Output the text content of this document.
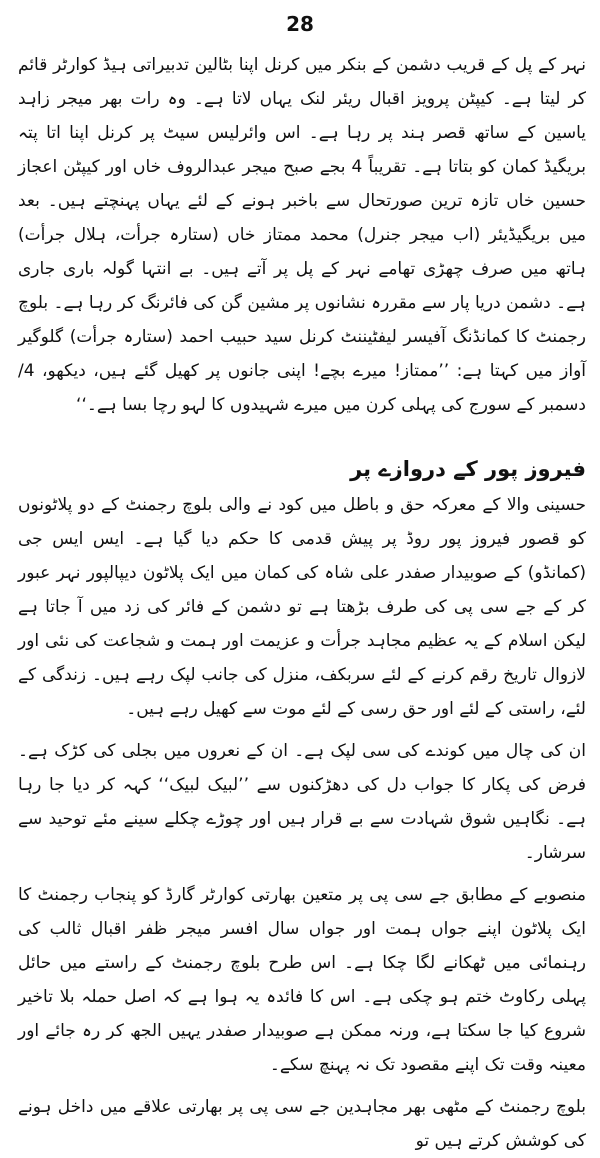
28

نہر کے پل کے قریب دشمن کے بنکر میں کرنل اپنا بٹالین تدبیراتی ہیڈ کوارٹر قائم کر لیتا ہے۔ کیپٹن پرویز اقبال ریئر لنک یہاں لاتا ہے۔ وہ رات بھر میجر زاہد یاسین کے ساتھ قصر ہند پر رہا ہے۔ اس وائرلیس سیٹ پر کرنل اپنا اتا پتہ بریگیڈ کمان کو بتاتا ہے۔ تقریباً 4 بجے صبح میجر عبدالروف خاں اور کیپٹن اعجاز حسین خاں تازہ ترین صورتحال سے باخبر ہونے کے لئے یہاں پہنچتے ہیں۔ بعد میں بریگیڈیئر (اب میجر جنرل) محمد ممتاز خاں (ستارہ جرأت، ہلال جرأت) ہاتھ میں صرف چھڑی تھامے نہر کے پل پر آتے ہیں۔ بے انتہا گولہ باری جاری ہے۔ دشمن دریا پار سے مقررہ نشانوں پر مشین گن کی فائرنگ کر رہا ہے۔ بلوچ رجمنٹ کا کمانڈنگ آفیسر لیفٹیننٹ کرنل سید حبیب احمد (ستارہ جرأت) گلوگیر آواز میں کہتا ہے: ’’ممتاز! میرے بچے! اپنی جانوں پر کھیل گئے ہیں، دیکھو، 4/دسمبر کے سورج کی پہلی کرن میں میرے شہیدوں کا لہو رچا بسا ہے۔‘‘

فیروز پور کے دروازے پر

حسینی والا کے معرکہ حق و باطل میں کود نے والی بلوچ رجمنٹ کے دو پلاٹونوں کو قصور فیروز پور روڈ پر پیش قدمی کا حکم دیا گیا ہے۔ ایس ایس جی (کمانڈو) کے صوبیدار صفدر علی شاہ کی کمان میں ایک پلاٹون دیپالپور نہر عبور کر کے جے سی پی کی طرف بڑھتا ہے تو دشمن کے فائر کی زد میں آ جاتا ہے لیکن اسلام کے یہ عظیم مجاہد جرأت و عزیمت اور ہمت و شجاعت کی نئی اور لازوال تاریخ رقم کرنے کے لئے سربکف، منزل کی جانب لپک رہے ہیں۔ زندگی کے لئے، راستی کے لئے اور حق رسی کے لئے موت سے کھیل رہے ہیں۔

ان کی چال میں کوندے کی سی لپک ہے۔ ان کے نعروں میں بجلی کی کڑک ہے۔ فرض کی پکار کا جواب دل کی دھڑکنوں سے ’’لبیک لبیک‘‘ کہہ کر دیا جا رہا ہے۔ نگاہیں شوق شہادت سے بے قرار ہیں اور چوڑے چکلے سینے مئے توحید سے سرشار۔

منصوبے کے مطابق جے سی پی پر متعین بھارتی کوارٹر گارڈ کو پنجاب رجمنٹ کا ایک پلاٹون اپنے جواں ہمت اور جواں سال افسر میجر ظفر اقبال ثالب کی رہنمائی میں ٹھکانے لگا چکا ہے۔ اس طرح بلوچ رجمنٹ کے راستے میں حائل پہلی رکاوٹ ختم ہو چکی ہے۔ اس کا فائدہ یہ ہوا ہے کہ اصل حملہ بلا تاخیر شروع کیا جا سکتا ہے، ورنہ ممکن ہے صوبیدار صفدر یہیں الجھ کر رہ جائے اور معینہ وقت تک اپنے مقصود تک نہ پہنچ سکے۔

بلوچ رجمنٹ کے مٹھی بھر مجاہدین جے سی پی پر بھارتی علاقے میں داخل ہونے کی کوشش کرتے ہیں تو
